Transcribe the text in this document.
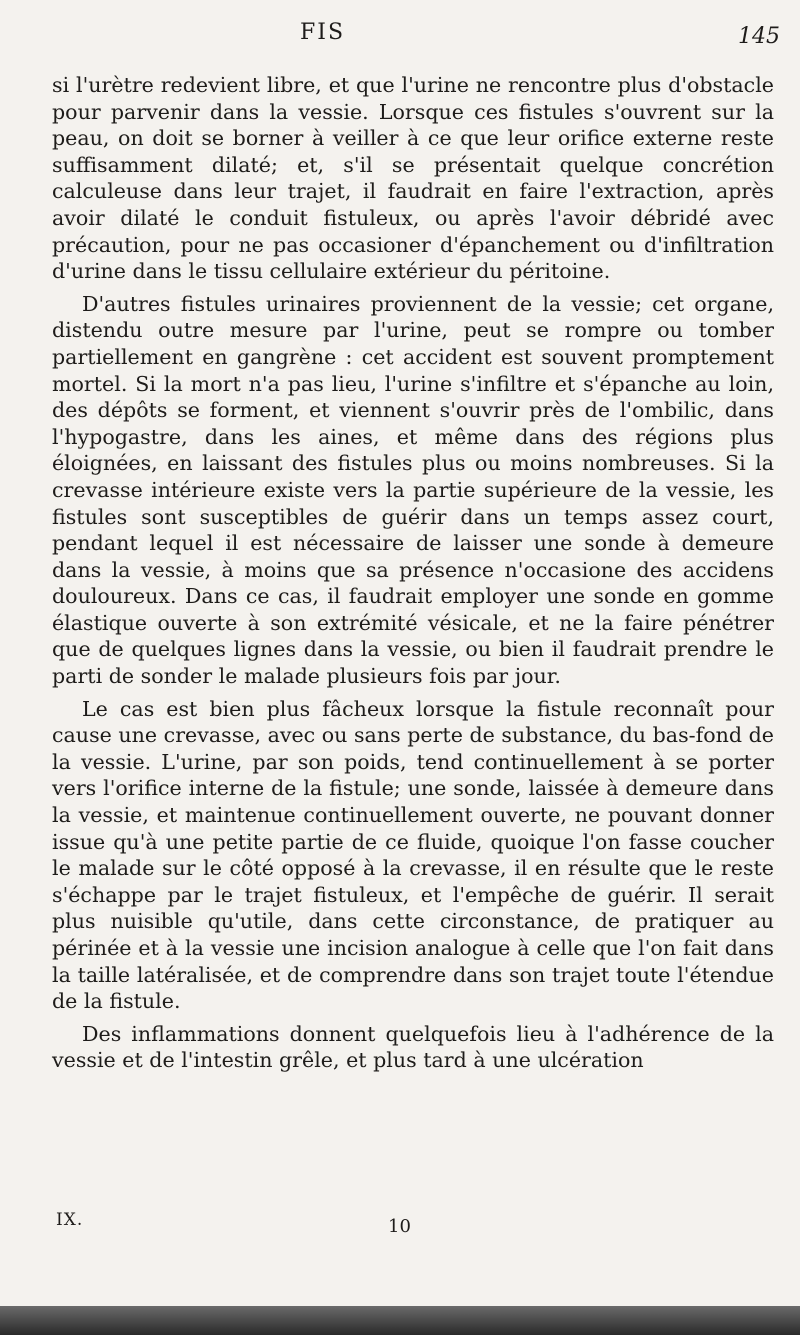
FIS	145

si l'urètre redevient libre, et que l'urine ne rencontre plus d'obstacle pour parvenir dans la vessie. Lorsque ces fistules s'ouvrent sur la peau, on doit se borner à veiller à ce que leur orifice externe reste suffisamment dilaté; et, s'il se présentait quelque concrétion calculeuse dans leur trajet, il faudrait en faire l'extraction, après avoir dilaté le conduit fistuleux, ou après l'avoir débridé avec précaution, pour ne pas occasioner d'épanchement ou d'infiltration d'urine dans le tissu cellulaire extérieur du péritoine.

D'autres fistules urinaires proviennent de la vessie; cet organe, distendu outre mesure par l'urine, peut se rompre ou tomber partiellement en gangrène : cet accident est souvent promptement mortel. Si la mort n'a pas lieu, l'urine s'infiltre et s'épanche au loin, des dépôts se forment, et viennent s'ouvrir près de l'ombilic, dans l'hypogastre, dans les aines, et même dans des régions plus éloignées, en laissant des fistules plus ou moins nombreuses. Si la crevasse intérieure existe vers la partie supérieure de la vessie, les fistules sont susceptibles de guérir dans un temps assez court, pendant lequel il est nécessaire de laisser une sonde à demeure dans la vessie, à moins que sa présence n'occasione des accidens douloureux. Dans ce cas, il faudrait employer une sonde en gomme élastique ouverte à son extrémité vésicale, et ne la faire pénétrer que de quelques lignes dans la vessie, ou bien il faudrait prendre le parti de sonder le malade plusieurs fois par jour.

Le cas est bien plus fâcheux lorsque la fistule reconnaît pour cause une crevasse, avec ou sans perte de substance, du bas-fond de la vessie. L'urine, par son poids, tend continuellement à se porter vers l'orifice interne de la fistule; une sonde, laissée à demeure dans la vessie, et maintenue continuellement ouverte, ne pouvant donner issue qu'à une petite partie de ce fluide, quoique l'on fasse coucher le malade sur le côté opposé à la crevasse, il en résulte que le reste s'échappe par le trajet fistuleux, et l'empêche de guérir. Il serait plus nuisible qu'utile, dans cette circonstance, de pratiquer au périnée et à la vessie une incision analogue à celle que l'on fait dans la taille latéralisée, et de comprendre dans son trajet toute l'étendue de la fistule.

Des inflammations donnent quelquefois lieu à l'adhérence de la vessie et de l'intestin grêle, et plus tard à une ulcération

IX.	10
